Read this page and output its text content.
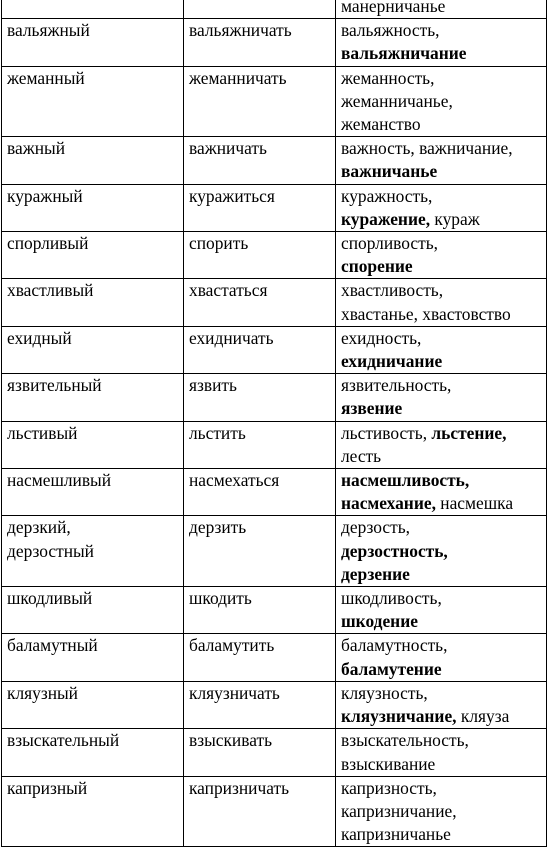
		манерничанье

вальяжный	вальяжничать	вальяжность,
вальяжничание

жеманный	жеманничать	жеманность,
жеманничанье,
жеманство

важный	важничать	важность, важничание,
важничанье

куражный	куражиться	куражность,
куражение, кураж

спорливый	спорить	спорливость,
спорение

хвастливый	хвастаться	хвастливость,
хвастанье, хвастовство

ехидный	ехидничать	ехидность,
ехидничание

язвительный	язвить	язвительность,
язвение

льстивый	льстить	льстивость, льстение,
лесть

насмешливый	насмехаться	насмешливость,
насмехание, насмешка

дерзкий,
дерзостный	дерзить	дерзость,
дерзостность,
дерзение

шкодливый	шкодить	шкодливость,
шкодение

баламутный	баламутить	баламутность,
баламутение

кляузный	кляузничать	кляузность,
кляузничание, кляуза

взыскательный	взыскивать	взыскательность,
взыскивание

капризный	капризничать	капризность,
капризничание,
капризничанье
